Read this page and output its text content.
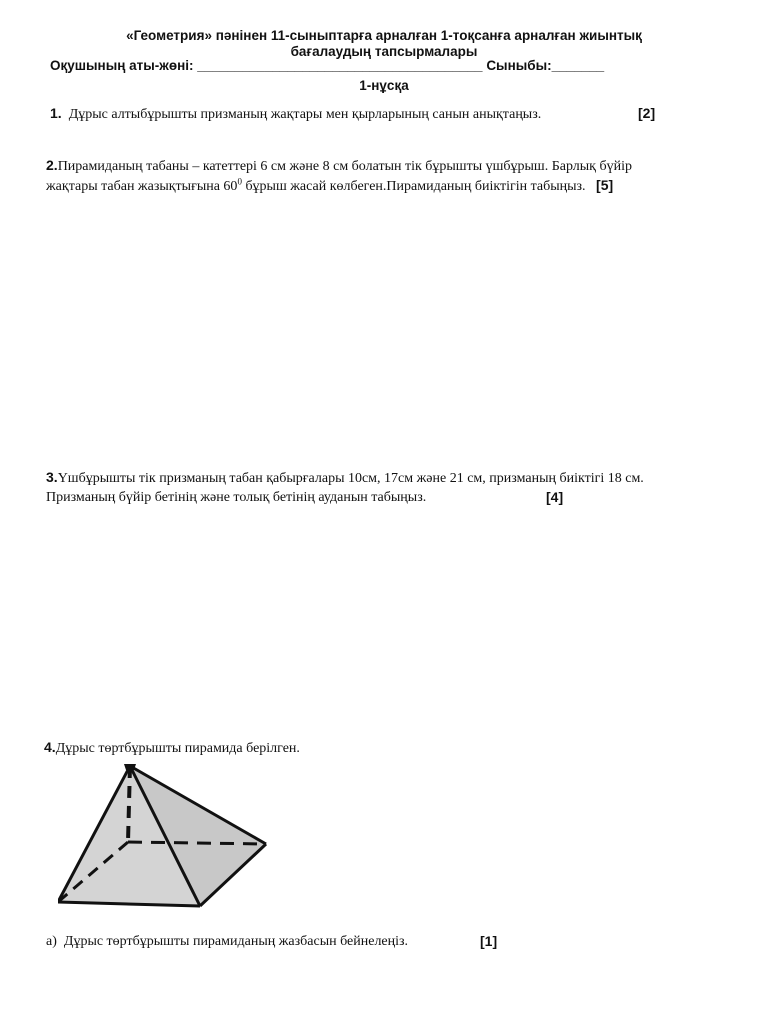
«Геометрия» пәнінен 11-сыныптарға арналған 1-тоқсанға арналған жиынтық
бағалаудың тапсырмалары
Оқушының аты-жөні: ______________________________________ Сыныбы:_______
1-нұсқа
1. Дұрыс алтыбұрышты призманың жақтары мен қырларының санын анықтаңыз.	[2]
2.Пирамиданың табаны – катеттері 6 см және 8 см болатын тік бұрышты үшбұрыш. Барлық бүйір
жақтары табан жазықтығына $60^0$ бұрыш жасай көлбеген.Пирамиданың биіктігін табыңыз. [5]
3.Үшбұрышты тік призманың табан қабырғалары 10см, 17см және 21 см, призманың биіктігі 18 см.
Призманың бүйір бетінің және толық бетінің ауданын табыңыз.	[4]
4.Дұрыс төртбұрышты пирамида берілген.
а) Дұрыс төртбұрышты пирамиданың жазбасын бейнелеңіз.	[1]
